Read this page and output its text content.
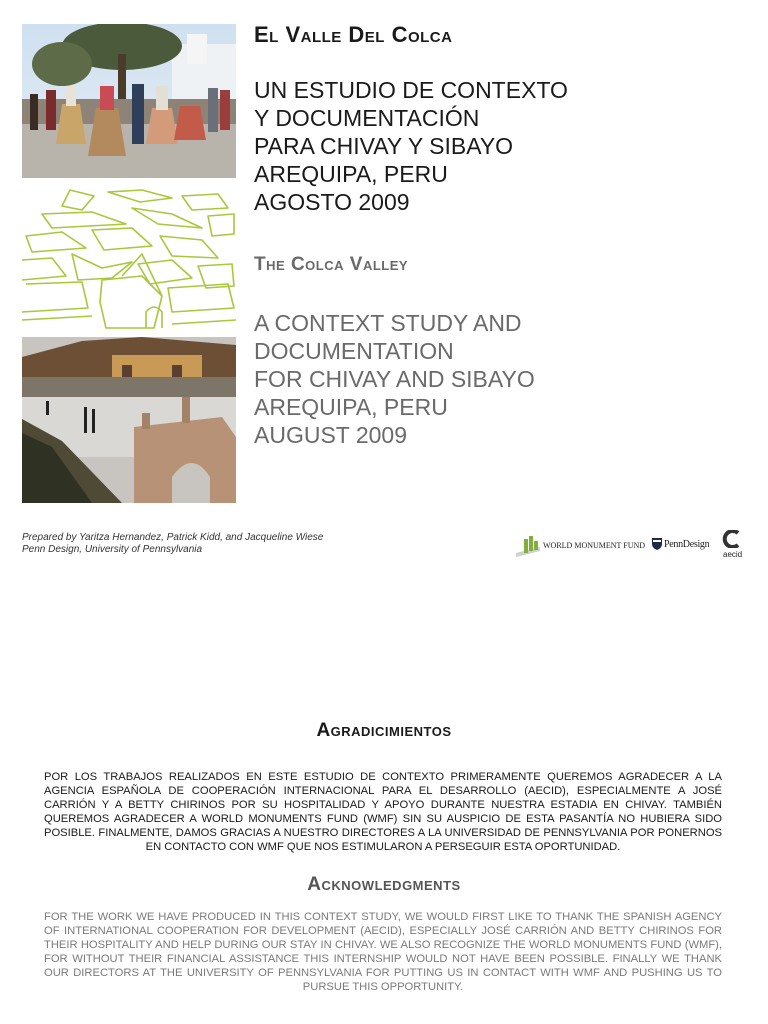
El Valle Del Colca
UN ESTUDIO DE CONTEXTO
Y DOCUMENTACIÓN
PARA CHIVAY Y SIBAYO
AREQUIPA, PERU
AGOSTO 2009
The Colca Valley
A CONTEXT STUDY AND
DOCUMENTATION
FOR CHIVAY AND SIBAYO
AREQUIPA, PERU
AUGUST 2009
Prepared by Yaritza Hernandez, Patrick Kidd, and Jacqueline Wiese
Penn Design, University of Pennsylvania	WORLD MONUMENT FUND PennDesign
aecid
Agradicimientos
POR LOS TRABAJOS REALIZADOS EN ESTE ESTUDIO DE CONTEXTO PRIMERAMENTE QUEREMOS AGRADECER A LA AGENCIA ESPAÑOLA DE COOPERACIÓN INTERNACIONAL PARA EL DESARROLLO (AECID), ESPECIALMENTE A JOSÉ CARRIÓN Y A BETTY CHIRINOS POR SU HOSPITALIDAD Y APOYO DURANTE NUESTRA ESTADIA EN CHIVAY. TAMBIÉN QUEREMOS AGRADECER A WORLD MONUMENTS FUND (WMF) SIN SU AUSPICIO DE ESTA PASANTÍA NO HUBIERA SIDO POSIBLE. FINALMENTE, DAMOS GRACIAS A NUESTRO DIRECTORES A LA UNIVERSIDAD DE PENNSYLVANIA POR PONERNOS EN CONTACTO CON WMF QUE NOS ESTIMULARON A PERSEGUIR ESTA OPORTUNIDAD.
Acknowledgments
FOR THE WORK WE HAVE PRODUCED IN THIS CONTEXT STUDY, WE WOULD FIRST LIKE TO THANK THE SPANISH AGENCY OF INTERNATIONAL COOPERATION FOR DEVELOPMENT (AECID), ESPECIALLY JOSÉ CARRIÓN AND BETTY CHIRINOS FOR THEIR HOSPITALITY AND HELP DURING OUR STAY IN CHIVAY. WE ALSO RECOGNIZE THE WORLD MONUMENTS FUND (WMF), FOR WITHOUT THEIR FINANCIAL ASSISTANCE THIS INTERNSHIP WOULD NOT HAVE BEEN POSSIBLE. FINALLY WE THANK OUR DIRECTORS AT THE UNIVERSITY OF PENNSYLVANIA FOR PUTTING US IN CONTACT WITH WMF AND PUSHING US TO PURSUE THIS OPPORTUNITY.
